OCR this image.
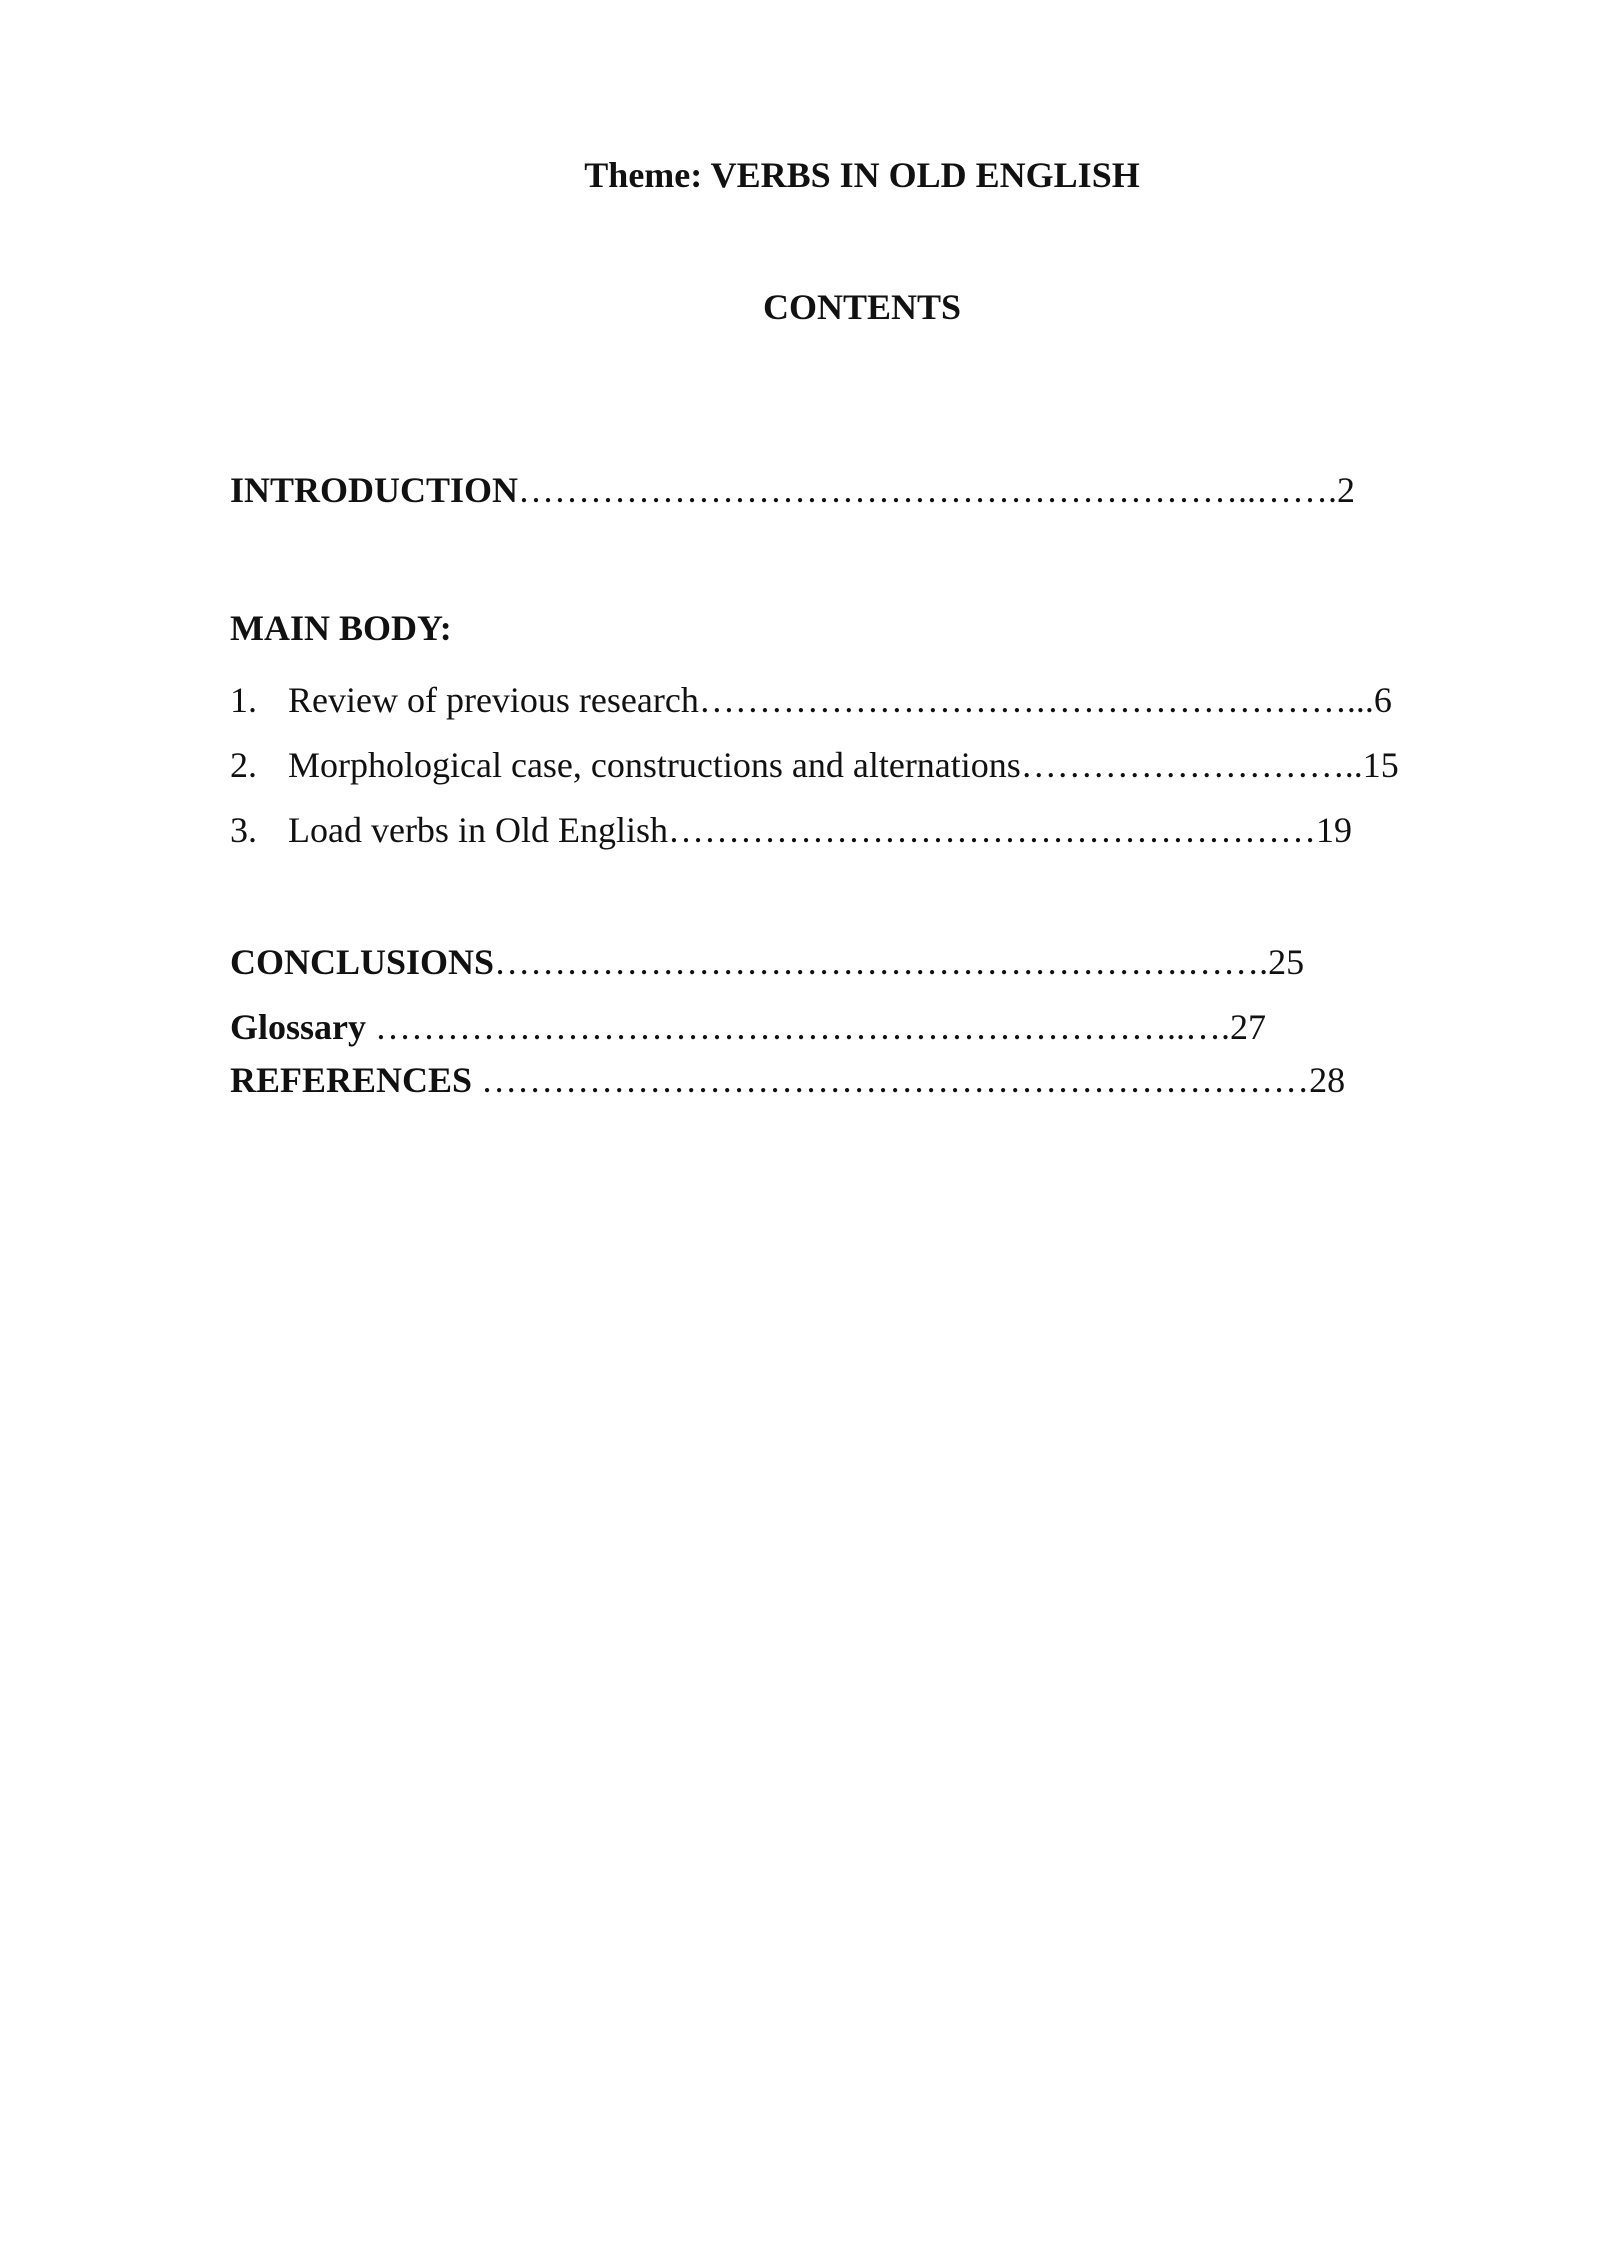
Theme: VERBS IN OLD ENGLISH
CONTENTS

INTRODUCTION……………………………………………………..…….2

MAIN BODY:

1. Review of previous research………………………………………………...6

2. Morphological case, constructions and alternations………………………..15

3. Load verbs in Old English………………………………………………19

CONCLUSIONS………………………………………………….…….25

Glossary …………………………………………………………..….27

REFERENCES ……………………………………………………………28
